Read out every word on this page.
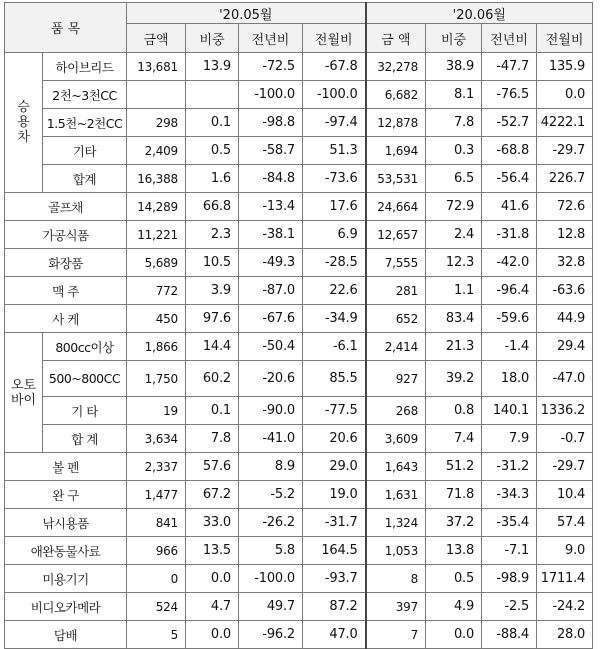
품 목		'20.05월				'20.06월			
		금액	비중	전년비	전월비	금 액	비중	전년비	전월비

승
용
차	하이브리드	13,681	13.9	-72.5	-67.8	32,278	38.9	-47.7	135.9
	2천~3천CC			-100.0	-100.0	6,682	8.1	-76.5	0.0
	1.5천~2천CC	298	0.1	-98.8	-97.4	12,878	7.8	-52.7	4222.1
	기타	2,409	0.5	-58.7	51.3	1,694	0.3	-68.8	-29.7
	합계	16,388	1.6	-84.8	-73.6	53,531	6.5	-56.4	226.7
골프채		14,289	66.8	-13.4	17.6	24,664	72.9	41.6	72.6
가공식품		11,221	2.3	-38.1	6.9	12,657	2.4	-31.8	12.8
화장품		5,689	10.5	-49.3	-28.5	7,555	12.3	-42.0	32.8
맥 주		772	3.9	-87.0	22.6	281	1.1	-96.4	-63.6
사 케		450	97.6	-67.6	-34.9	652	83.4	-59.6	44.9

오토
바이	800cc이상	1,866	14.4	-50.4	-6.1	2,414	21.3	-1.4	29.4
	500~800CC	1,750	60.2	-20.6	85.5	927	39.2	18.0	-47.0
	기 타	19	0.1	-90.0	-77.5	268	0.8	140.1	1336.2
	합 계	3,634	7.8	-41.0	20.6	3,609	7.4	7.9	-0.7
볼 펜		2,337	57.6	8.9	29.0	1,643	51.2	-31.2	-29.7
완 구		1,477	67.2	-5.2	19.0	1,631	71.8	-34.3	10.4
낚시용품		841	33.0	-26.2	-31.7	1,324	37.2	-35.4	57.4
애완동물사료		966	13.5	5.8	164.5	1,053	13.8	-7.1	9.0
미용기기		0	0.0	-100.0	-93.7	8	0.5	-98.9	1711.4
비디오카메라		524	4.7	49.7	87.2	397	4.9	-2.5	-24.2
담배		5	0.0	-96.2	47.0	7	0.0	-88.4	28.0
